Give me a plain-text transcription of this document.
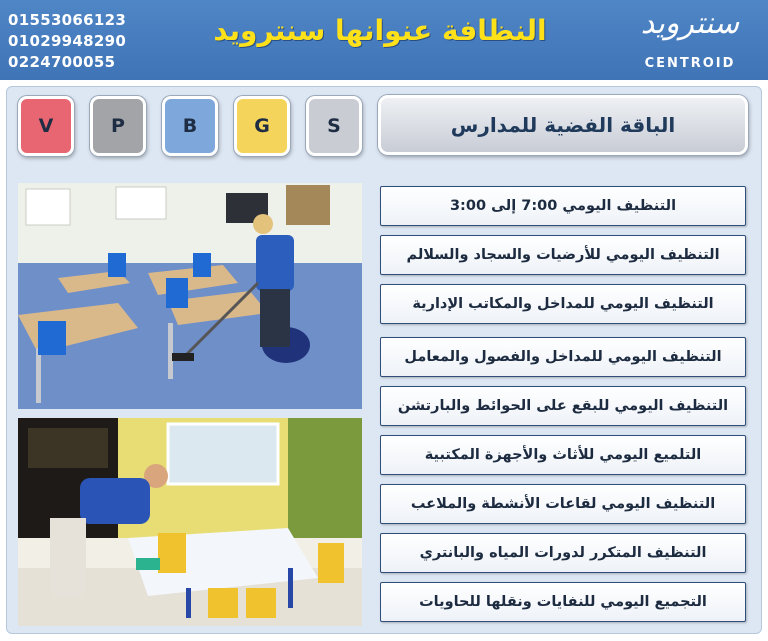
01553066123
01029948290
0224700055
النظافة عنوانها سنترويد	سنترويد
CENTROID
V	P	B	G	S	الباقة الفضية للمدارس
التنظيف اليومي 7:00 إلى 3:00
التنظيف اليومي للأرضيات والسجاد والسلالم
التنظيف اليومي للمداخل والمكاتب الإدارية
التنظيف اليومي للمداخل والفصول والمعامل
التنظيف اليومي للبقع على الحوائط والبارتشن
التلميع اليومي للأثاث والأجهزة المكتبية
التنظيف اليومي لقاعات الأنشطة والملاعب
التنظيف المتكرر لدورات المياه والبانتري
التجميع اليومي للنفايات ونقلها للحاويات
